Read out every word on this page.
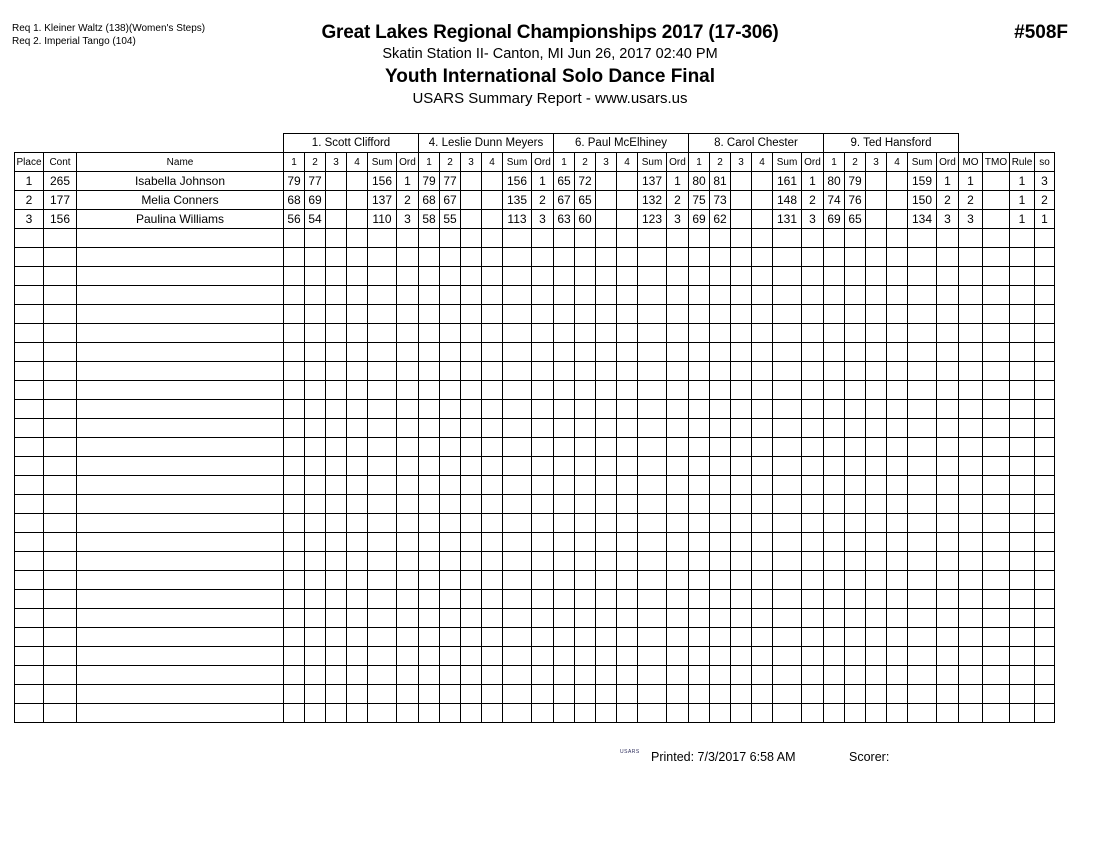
Req 1. Kleiner Waltz (138)(Women's Steps)
Req 2. Imperial Tango (104)	Great Lakes Regional Championships 2017 (17-306)
Skatin Station II- Canton, MI Jun 26, 2017 02:40 PM
Youth International Solo Dance Final
USARS Summary Report - www.usars.us
#508F
			1. Scott Clifford						4. Leslie Dunn Meyers						6. Paul McElhiney						8. Carol Chester						9. Ted Hansford									
Place	Cont	Name	1	2	3	4	Sum	Ord	1	2	3	4	Sum	Ord	1	2	3	4	Sum	Ord	1	2	3	4	Sum	Ord	1	2	3	4	Sum	Ord	MO	TMO	Rule	so
1	265	Isabella Johnson	79	77			156	1	79	77			156	1	65	72			137	1	80	81			161	1	80	79			159	1	1		1	3
2	177	Melia Conners	68	69			137	2	68	67			135	2	67	65			132	2	75	73			148	2	74	76			150	2	2		1	2
3	156	Paulina Williams	56	54			110	3	58	55			113	3	63	60			123	3	69	62			131	3	69	65			134	3	3		1	1

USARS Printed: 7/3/2017 6:58 AM	Scorer:
